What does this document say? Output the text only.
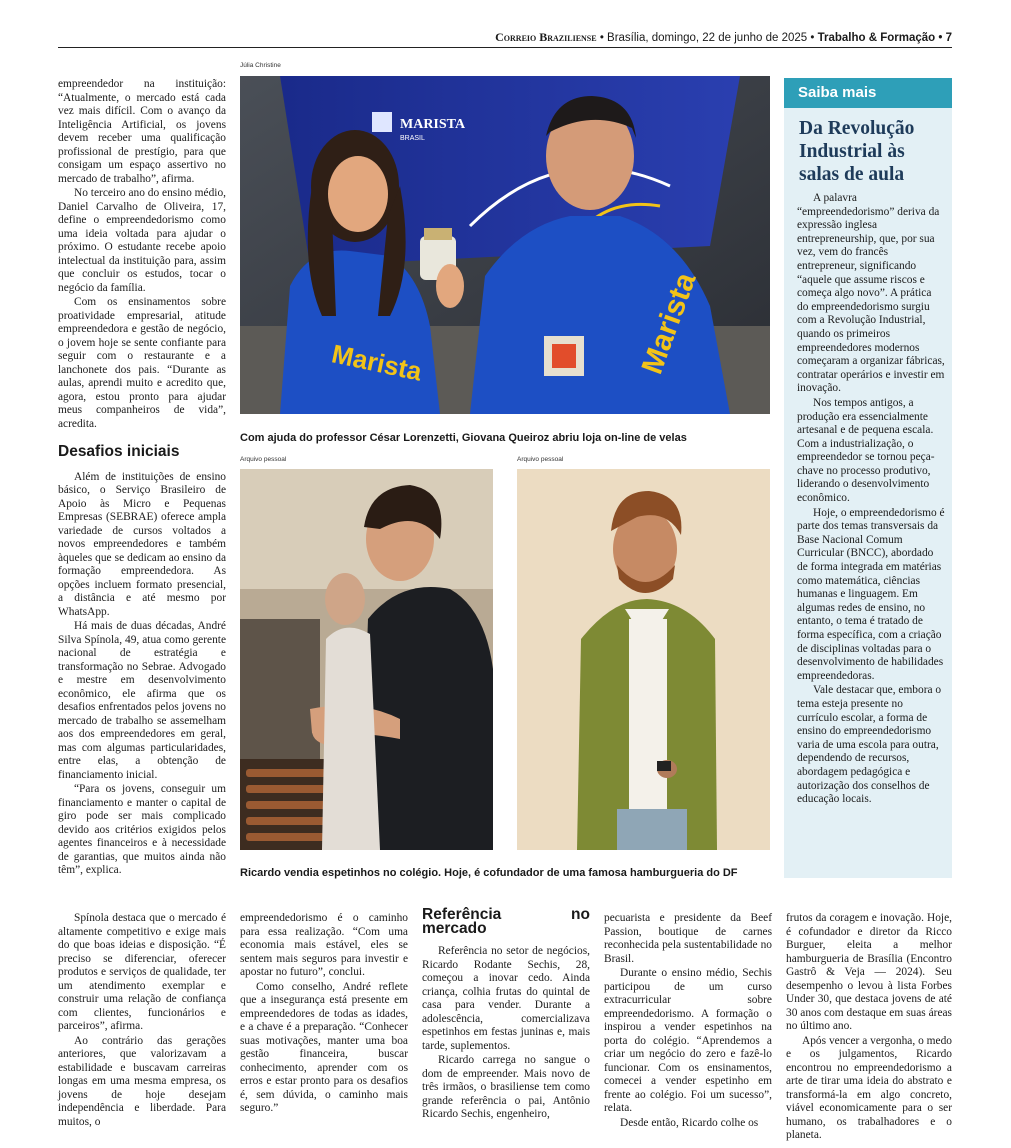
Correio Braziliense • Brasília, domingo, 22 de junho de 2025 • Trabalho & Formação • 7

empreendedor na instituição: “Atualmente, o mercado está cada vez mais difícil. Com o avanço da Inteligência Artificial, os jovens devem receber uma qualificação profissional de prestígio, para que consigam um espaço assertivo no mercado de trabalho”, afirma.

No terceiro ano do ensino médio, Daniel Carvalho de Oliveira, 17, define o empreendedorismo como uma ideia voltada para ajudar o próximo. O estudante recebe apoio intelectual da instituição para, assim que concluir os estudos, tocar o negócio da família.

Com os ensinamentos sobre proatividade empresarial, atitude empreendedora e gestão de negócio, o jovem hoje se sente confiante para seguir com o restaurante e a lanchonete dos pais. “Durante as aulas, aprendi muito e acredito que, agora, estou pronto para ajudar meus companheiros de vida”, acredita.

Desafios iniciais

Além de instituições de ensino básico, o Serviço Brasileiro de Apoio às Micro e Pequenas Empresas (SEBRAE) oferece ampla variedade de cursos voltados a novos empreendedores e também àqueles que se dedicam ao ensino da formação empreendedora. As opções incluem formato presencial, a distância e até mesmo por WhatsApp.

Há mais de duas décadas, André Silva Spínola, 49, atua como gerente nacional de estratégia e transformação no Sebrae. Advogado e mestre em desenvolvimento econômico, ele afirma que os desafios enfrentados pelos jovens no mercado de trabalho se assemelham aos dos empreendedores em geral, mas com algumas particularidades, entre elas, a obtenção de financiamento inicial.

“Para os jovens, conseguir um financiamento e manter o capital de giro pode ser mais complicado devido aos critérios exigidos pelos agentes financeiros e à necessidade de garantias, que muitos ainda não têm”, explica.

Júlia Christine
MARISTA
BRASIL
Marista	Marista
Com ajuda do professor César Lorenzetti, Giovana Queiroz abriu loja on-line de velas
Arquivo pessoal	Arquivo pessoal
Ricardo vendia espetinhos no colégio. Hoje, é cofundador de uma famosa hamburgueria do DF
Saiba mais
Da Revolução Industrial às salas de aula

A palavra “empreendedorismo” deriva da expressão inglesa entrepreneurship, que, por sua vez, vem do francês entrepreneur, significando “aquele que assume riscos e começa algo novo”. A prática do empreendedorismo surgiu com a Revolução Industrial, quando os primeiros empreendedores modernos começaram a organizar fábricas, contratar operários e investir em inovação.

Nos tempos antigos, a produção era essencialmente artesanal e de pequena escala. Com a industrialização, o empreendedor se tornou peça-chave no processo produtivo, liderando o desenvolvimento econômico.

Hoje, o empreendedorismo é parte dos temas transversais da Base Nacional Comum Curricular (BNCC), abordado de forma integrada em matérias como matemática, ciências humanas e linguagem. Em algumas redes de ensino, no entanto, o tema é tratado de forma específica, com a criação de disciplinas voltadas para o desenvolvimento de habilidades empreendedoras.

Vale destacar que, embora o tema esteja presente no currículo escolar, a forma de ensino do empreendedorismo varia de uma escola para outra, dependendo de recursos, abordagem pedagógica e autorização dos conselhos de educação locais.

Spínola destaca que o mercado é altamente competitivo e exige mais do que boas ideias e disposição. “É preciso se diferenciar, oferecer produtos e serviços de qualidade, ter um atendimento exemplar e construir uma relação de confiança com clientes, funcionários e parceiros”, afirma.

Ao contrário das gerações anteriores, que valorizavam a estabilidade e buscavam carreiras longas em uma mesma empresa, os jovens de hoje desejam independência e liberdade. Para muitos, o

empreendedorismo é o caminho para essa realização. “Com uma economia mais estável, eles se sentem mais seguros para investir e apostar no futuro”, conclui.

Como conselho, André reflete que a insegurança está presente em empreendedores de todas as idades, e a chave é a preparação. “Conhecer suas motivações, manter uma boa gestão financeira, buscar conhecimento, aprender com os erros e estar pronto para os desafios é, sem dúvida, o caminho mais seguro.”

Referência no mercado

Referência no setor de negócios, Ricardo Rodante Sechis, 28, começou a inovar cedo. Ainda criança, colhia frutas do quintal de casa para vender. Durante a adolescência, comercializava espetinhos em festas juninas e, mais tarde, suplementos.

Ricardo carrega no sangue o dom de empreender. Mais novo de três irmãos, o brasiliense tem como grande referência o pai, Antônio Ricardo Sechis, engenheiro,

pecuarista e presidente da Beef Passion, boutique de carnes reconhecida pela sustentabilidade no Brasil.

Durante o ensino médio, Sechis participou de um curso extracurricular sobre empreendedorismo. A formação o inspirou a vender espetinhos na porta do colégio. “Aprendemos a criar um negócio do zero e fazê-lo funcionar. Com os ensinamentos, comecei a vender espetinho em frente ao colégio. Foi um sucesso”, relata.

Desde então, Ricardo colhe os

frutos da coragem e inovação. Hoje, é cofundador e diretor da Ricco Burguer, eleita a melhor hamburgueria de Brasília (Encontro Gastrô & Veja — 2024). Seu desempenho o levou à lista Forbes Under 30, que destaca jovens de até 30 anos com destaque em suas áreas no último ano.

Após vencer a vergonha, o medo e os julgamentos, Ricardo encontrou no empreendedorismo a arte de tirar uma ideia do abstrato e transformá-la em algo concreto, viável economicamente para o ser humano, os trabalhadores e o planeta.
